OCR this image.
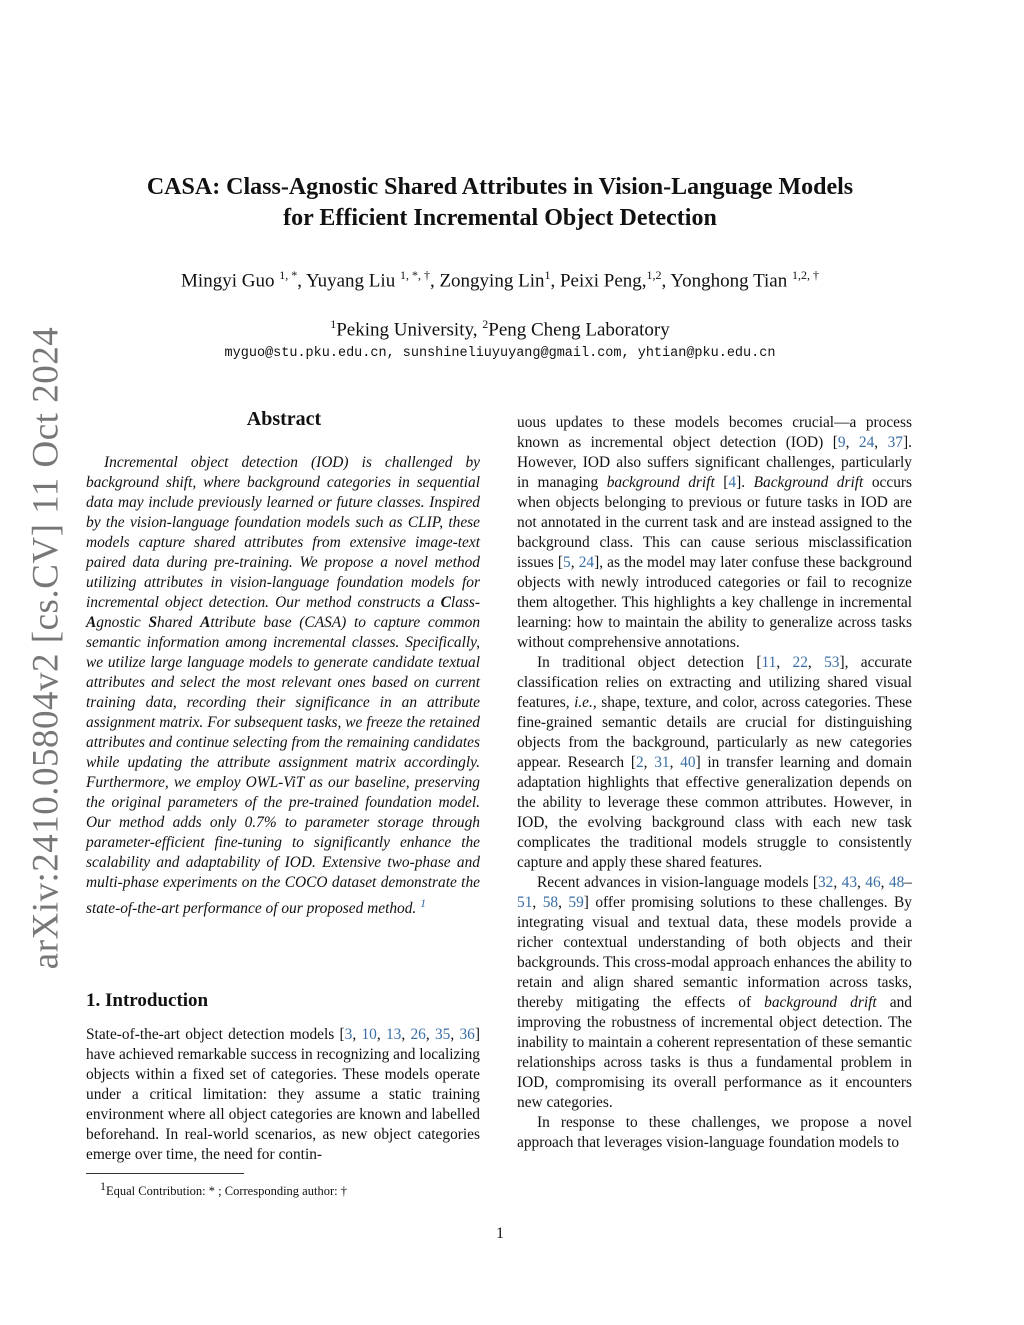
arXiv:2410.05804v2 [cs.CV] 11 Oct 2024
CASA: Class-Agnostic Shared Attributes in Vision-Language Models
for Efficient Incremental Object Detection
Mingyi Guo $^{1, *}$, Yuyang Liu $^{1, *, \dagger}$, Zongying Lin$^1$, Peixi Peng,$^{1,2}$, Yonghong Tian $^{1,2, \dagger}$
$^1$Peking University, $^2$Peng Cheng Laboratory
myguo@stu.pku.edu.cn, sunshineliuyuyang@gmail.com, yhtian@pku.edu.cn
Abstract

Incremental object detection (IOD) is challenged by background shift, where background categories in sequential data may include previously learned or future classes. Inspired by the vision-language foundation models such as CLIP, these models capture shared attributes from extensive image-text paired data during pre-training. We propose a novel method utilizing attributes in vision-language foundation models for incremental object detection. Our method constructs a Class-Agnostic Shared Attribute base (CASA) to capture common semantic information among incremental classes. Specifically, we utilize large language models to generate candidate textual attributes and select the most relevant ones based on current training data, recording their significance in an attribute assignment matrix. For subsequent tasks, we freeze the retained attributes and continue selecting from the remaining candidates while updating the attribute assignment matrix accordingly. Furthermore, we employ OWL-ViT as our baseline, preserving the original parameters of the pre-trained foundation model. Our method adds only 0.7% to parameter storage through parameter-efficient fine-tuning to significantly enhance the scalability and adaptability of IOD. Extensive two-phase and multi-phase experiments on the COCO dataset demonstrate the state-of-the-art performance of our proposed method. $^1$

1. Introduction

State-of-the-art object detection models [3, 10, 13, 26, 35, 36] have achieved remarkable success in recognizing and localizing objects within a fixed set of categories. These models operate under a critical limitation: they assume a static training environment where all object categories are known and labelled beforehand. In real-world scenarios, as new object categories emerge over time, the need for contin-

uous updates to these models becomes crucial—a process known as incremental object detection (IOD) [9, 24, 37]. However, IOD also suffers significant challenges, particularly in managing background drift [4]. Background drift occurs when objects belonging to previous or future tasks in IOD are not annotated in the current task and are instead assigned to the background class. This can cause serious misclassification issues [5, 24], as the model may later confuse these background objects with newly introduced categories or fail to recognize them altogether. This highlights a key challenge in incremental learning: how to maintain the ability to generalize across tasks without comprehensive annotations.

In traditional object detection [11, 22, 53], accurate classification relies on extracting and utilizing shared visual features, i.e., shape, texture, and color, across categories. These fine-grained semantic details are crucial for distinguishing objects from the background, particularly as new categories appear. Research [2, 31, 40] in transfer learning and domain adaptation highlights that effective generalization depends on the ability to leverage these common attributes. However, in IOD, the evolving background class with each new task complicates the traditional models struggle to consistently capture and apply these shared features.

Recent advances in vision-language models [32, 43, 46, 48–51, 58, 59] offer promising solutions to these challenges. By integrating visual and textual data, these models provide a richer contextual understanding of both objects and their backgrounds. This cross-modal approach enhances the ability to retain and align shared semantic information across tasks, thereby mitigating the effects of background drift and improving the robustness of incremental object detection. The inability to maintain a coherent representation of these semantic relationships across tasks is thus a fundamental problem in IOD, compromising its overall performance as it encounters new categories.

In response to these challenges, we propose a novel approach that leverages vision-language foundation models to

$^1$Equal Contribution: * ; Corresponding author: †
1
